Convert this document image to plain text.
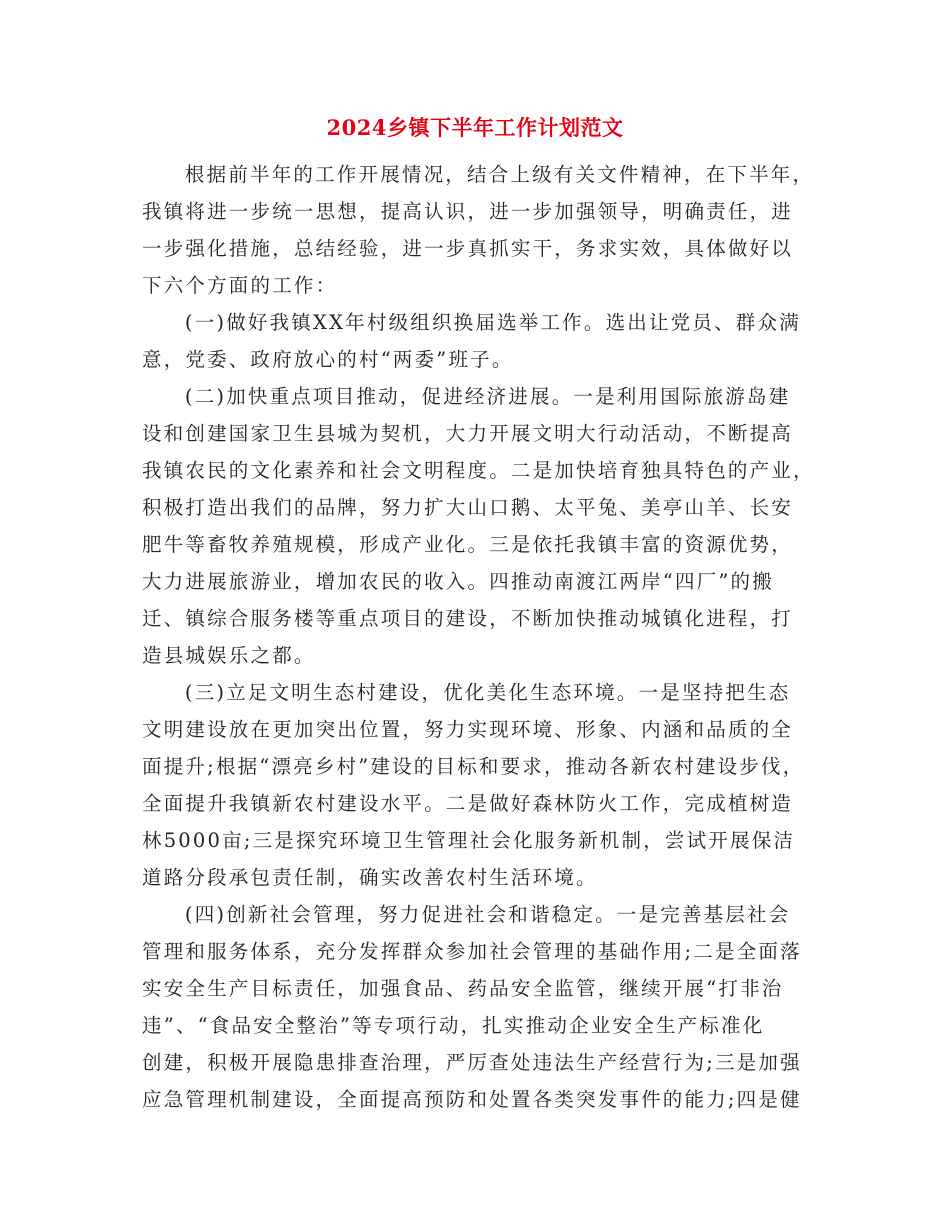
2024乡镇下半年工作计划范文
根据前半年的工作开展情况，结合上级有关文件精神，在下半年，
我镇将进一步统一思想，提高认识，进一步加强领导，明确责任，进
一步强化措施，总结经验，进一步真抓实干，务求实效，具体做好以
下六个方面的工作：
(一)做好我镇XX年村级组织换届选举工作。选出让党员、群众满
意，党委、政府放心的村“两委”班子。
(二)加快重点项目推动，促进经济进展。一是利用国际旅游岛建
设和创建国家卫生县城为契机，大力开展文明大行动活动，不断提高
我镇农民的文化素养和社会文明程度。二是加快培育独具特色的产业，
积极打造出我们的品牌，努力扩大山口鹅、太平兔、美亭山羊、长安
肥牛等畜牧养殖规模，形成产业化。三是依托我镇丰富的资源优势，
大力进展旅游业，增加农民的收入。四推动南渡江两岸“四厂”的搬
迁、镇综合服务楼等重点项目的建设，不断加快推动城镇化进程，打
造县城娱乐之都。
(三)立足文明生态村建设，优化美化生态环境。一是坚持把生态
文明建设放在更加突出位置，努力实现环境、形象、内涵和品质的全
面提升;根据“漂亮乡村”建设的目标和要求，推动各新农村建设步伐，
全面提升我镇新农村建设水平。二是做好森林防火工作，完成植树造
林5000亩;三是探究环境卫生管理社会化服务新机制，尝试开展保洁
道路分段承包责任制，确实改善农村生活环境。
(四)创新社会管理，努力促进社会和谐稳定。一是完善基层社会
管理和服务体系，充分发挥群众参加社会管理的基础作用;二是全面落
实安全生产目标责任，加强食品、药品安全监管，继续开展“打非治
违”、“食品安全整治”等专项行动，扎实推动企业安全生产标准化
创建，积极开展隐患排查治理，严厉查处违法生产经营行为;三是加强
应急管理机制建设，全面提高预防和处置各类突发事件的能力;四是健
